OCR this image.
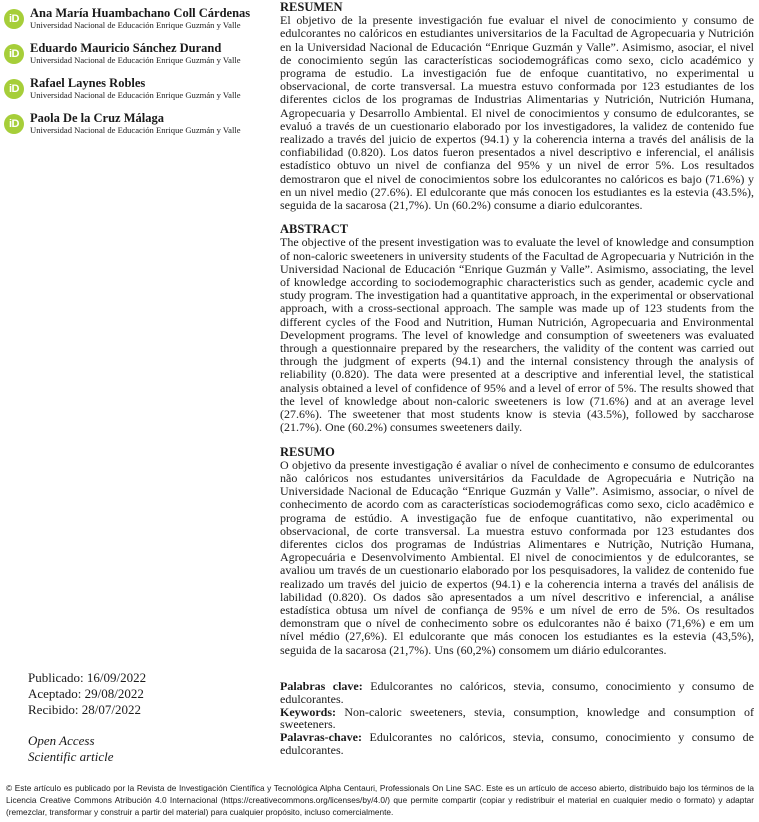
iD Ana María Huambachano Coll Cárdenas
Universidad Nacional de Educación Enrique Guzmán y Valle
iD Eduardo Mauricio Sánchez Durand
Universidad Nacional de Educación Enrique Guzmán y Valle
iD Rafael Laynes Robles
Universidad Nacional de Educación Enrique Guzmán y Valle
iD Paola De la Cruz Málaga
Universidad Nacional de Educación Enrique Guzmán y Valle
Publicado: 16/09/2022
Aceptado: 29/08/2022
Recibido: 28/07/2022
Open Access
Scientific article
RESUMEN
El objetivo de la presente investigación fue evaluar el nivel de conocimiento y consumo de edulcorantes no calóricos en estudiantes universitarios de la Facultad de Agropecuaria y Nutrición en la Universidad Nacional de Educación “Enrique Guzmán y Valle”. Asimismo, asociar, el nivel de conocimiento según las características sociodemográficas como sexo, ciclo académico y programa de estudio. La investigación fue de enfoque cuantitativo, no experimental u observacional, de corte transversal. La muestra estuvo conformada por 123 estudiantes de los diferentes ciclos de los programas de Industrias Alimentarias y Nutrición, Nutrición Humana, Agropecuaria y Desarrollo Ambiental. El nivel de conocimientos y consumo de edulcorantes, se evaluó a través de un cuestionario elaborado por los investigadores, la validez de contenido fue realizado a través del juicio de expertos (94.1) y la coherencia interna a través del análisis de la confiabilidad (0.820). Los datos fueron presentados a nivel descriptivo e inferencial, el análisis estadístico obtuvo un nivel de confianza del 95% y un nivel de error 5%. Los resultados demostraron que el nivel de conocimientos sobre los edulcorantes no calóricos es bajo (71.6%) y en un nivel medio (27.6%). El edulcorante que más conocen los estudiantes es la estevia (43.5%), seguida de la sacarosa (21,7%). Un (60.2%) consume a diario edulcorantes.
ABSTRACT
The objective of the present investigation was to evaluate the level of knowledge and consumption of non-caloric sweeteners in university students of the Facultad de Agropecuaria y Nutrición in the Universidad Nacional de Educación “Enrique Guzmán y Valle”. Asimismo, associating, the level of knowledge according to sociodemographic characteristics such as gender, academic cycle and study program. The investigation had a quantitative approach, in the experimental or observational approach, with a cross-sectional approach. The sample was made up of 123 students from the different cycles of the Food and Nutrition, Human Nutrición, Agropecuaria and Environmental Development programs. The level of knowledge and consumption of sweeteners was evaluated through a questionnaire prepared by the researchers, the validity of the content was carried out through the judgment of experts (94.1) and the internal consistency through the analysis of reliability (0.820). The data were presented at a descriptive and inferential level, the statistical analysis obtained a level of confidence of 95% and a level of error of 5%. The results showed that the level of knowledge about non-caloric sweeteners is low (71.6%) and at an average level (27.6%). The sweetener that most students know is stevia (43.5%), followed by saccharose (21.7%). One (60.2%) consumes sweeteners daily.
RESUMO
O objetivo da presente investigação é avaliar o nível de conhecimento e consumo de edulcorantes não calóricos nos estudantes universitários da Faculdade de Agropecuária e Nutrição na Universidade Nacional de Educação “Enrique Guzmán y Valle”. Asimismo, associar, o nível de conhecimento de acordo com as características sociodemográficas como sexo, ciclo acadêmico e programa de estúdio. A investigação fue de enfoque cuantitativo, não experimental ou observacional, de corte transversal. La muestra estuvo conformada por 123 estudantes dos diferentes ciclos dos programas de Indústrias Alimentares e Nutrição, Nutrição Humana, Agropecuária e Desenvolvimento Ambiental. El nivel de conocimientos y de edulcorantes, se avaliou um través de un cuestionario elaborado por los pesquisadores, la validez de contenido fue realizado um través del juicio de expertos (94.1) e la coherencia interna a través del análisis de labilidad (0.820). Os dados são apresentados a um nível descritivo e inferencial, a análise estadística obtusa um nível de confiança de 95% e um nível de erro de 5%. Os resultados demonstram que o nível de conhecimento sobre os edulcorantes não é baixo (71,6%) e em um nível médio (27,6%). El edulcorante que más conocen los estudiantes es la estevia (43,5%), seguida de la sacarosa (21,7%). Uns (60,2%) consomem um diário edulcorantes.
Palabras clave: Edulcorantes no calóricos, stevia, consumo, conocimiento y consumo de edulcorantes.
Keywords: Non-caloric sweeteners, stevia, consumption, knowledge and consumption of sweeteners.
Palavras-chave: Edulcorantes no calóricos, stevia, consumo, conocimiento y consumo de edulcorantes.
© Este artículo es publicado por la Revista de Investigación Científica y Tecnológica Alpha Centauri, Professionals On Line SAC. Este es un artículo de acceso abierto, distribuido bajo los términos de la Licencia Creative Commons Atribución 4.0 Internacional (https://creativecommons.org/licenses/by/4.0/) que permite compartir (copiar y redistribuir el material en cualquier medio o formato) y adaptar (remezclar, transformar y construir a partir del material) para cualquier propósito, incluso comercialmente.
